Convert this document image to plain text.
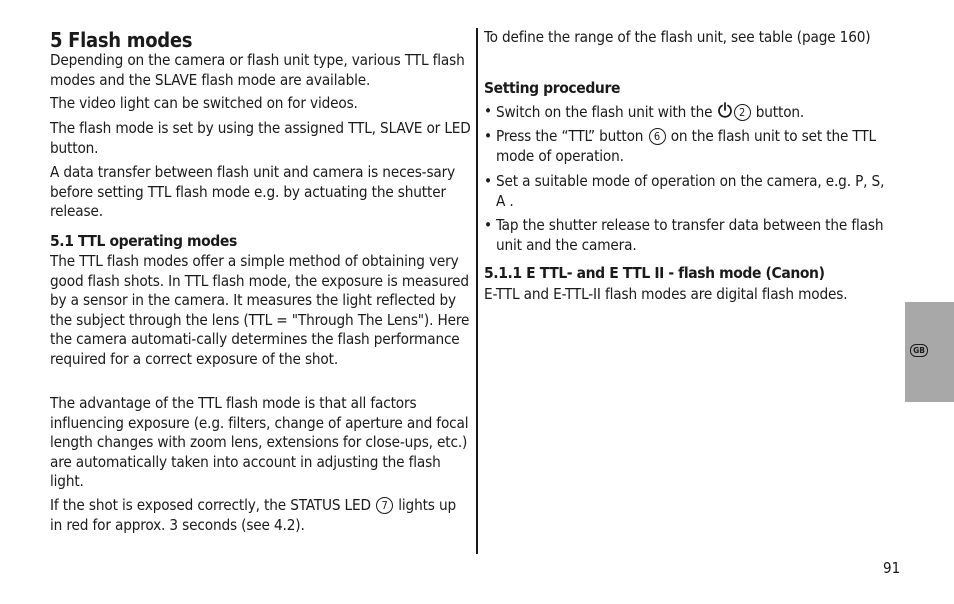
5 Flash modes

Depending on the camera or flash unit type, various TTL flash modes and the SLAVE flash mode are available.

The video light can be switched on for videos.

The flash mode is set by using the assigned TTL, SLAVE or LED button.

A data transfer between flash unit and camera is neces-sary before setting TTL flash mode e.g. by actuating the shutter release.

5.1 TTL operating modes

The TTL flash modes offer a simple method of obtaining very good flash shots. In TTL flash mode, the exposure is measured by a sensor in the camera. It measures the light reflected by the subject through the lens (TTL = "Through The Lens"). Here the camera automati-cally determines the flash performance required for a correct exposure of the shot.

The advantage of the TTL flash mode is that all factors influencing exposure (e.g. filters, change of aperture and focal length changes with zoom lens, extensions for close-ups, etc.) are automatically taken into account in adjusting the flash light.

If the shot is exposed correctly, the STATUS LED 7 lights up in red for approx. 3 seconds (see 4.2).

To define the range of the flash unit, see table (page 160)

Setting procedure
• Switch on the flash unit with the 2 button.
• Press the “TTL” button 6 on the flash unit to set the TTL mode of operation.
• Set a suitable mode of operation on the camera, e.g. P, S, A .
• Tap the shutter release to transfer data between the flash unit and the camera.
5.1.1 E TTL- and E TTL II - flash mode (Canon)

E-TTL and E-TTL-II flash modes are digital flash modes.

GB
91
